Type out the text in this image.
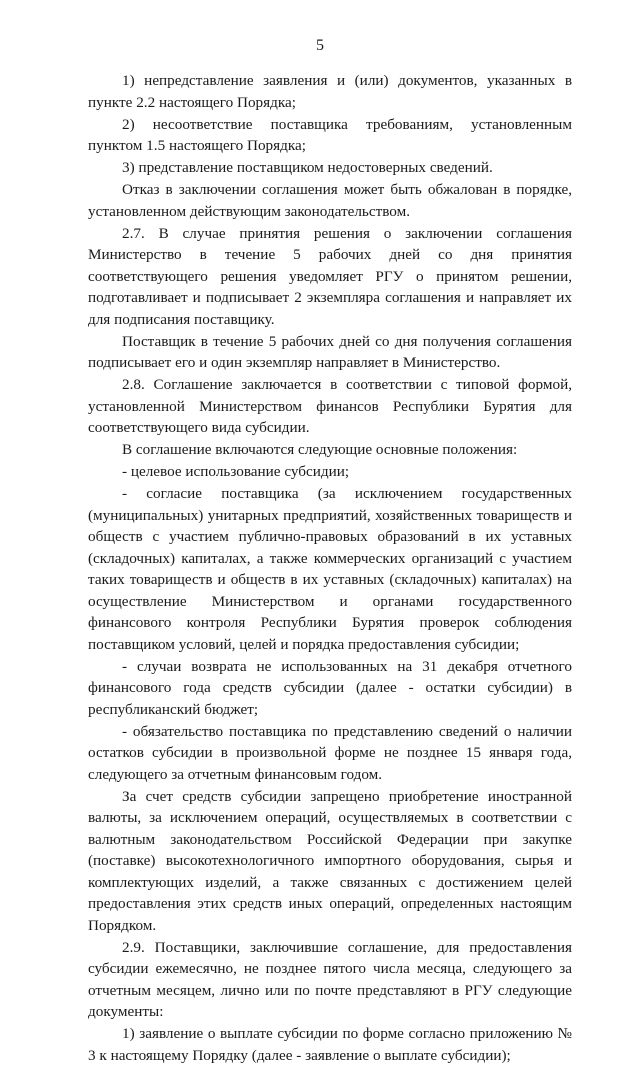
5

1) непредставление заявления и (или) документов, указанных в пункте 2.2 настоящего Порядка;

2) несоответствие поставщика требованиям, установленным пунктом 1.5 настоящего Порядка;

3) представление поставщиком недостоверных сведений.

Отказ в заключении соглашения может быть обжалован в порядке, установленном действующим законодательством.

2.7. В случае принятия решения о заключении соглашения Министерство в течение 5 рабочих дней со дня принятия соответствующего решения уведомляет РГУ о принятом решении, подготавливает и подписывает 2 экземпляра соглашения и направляет их для подписания поставщику.

Поставщик в течение 5 рабочих дней со дня получения соглашения подписывает его и один экземпляр направляет в Министерство.

2.8. Соглашение заключается в соответствии с типовой формой, установленной Министерством финансов Республики Бурятия для соответствующего вида субсидии.

В соглашение включаются следующие основные положения:

- целевое использование субсидии;

- согласие поставщика (за исключением государственных (муниципальных) унитарных предприятий, хозяйственных товариществ и обществ с участием публично-правовых образований в их уставных (складочных) капиталах, а также коммерческих организаций с участием таких товариществ и обществ в их уставных (складочных) капиталах) на осуществление Министерством и органами государственного финансового контроля Республики Бурятия проверок соблюдения поставщиком условий, целей и порядка предоставления субсидии;

- случаи возврата не использованных на 31 декабря отчетного финансового года средств субсидии (далее - остатки субсидии) в республиканский бюджет;

- обязательство поставщика по представлению сведений о наличии остатков субсидии в произвольной форме не позднее 15 января года, следующего за отчетным финансовым годом.

За счет средств субсидии запрещено приобретение иностранной валюты, за исключением операций, осуществляемых в соответствии с валютным законодательством Российской Федерации при закупке (поставке) высокотехнологичного импортного оборудования, сырья и комплектующих изделий, а также связанных с достижением целей предоставления этих средств иных операций, определенных настоящим Порядком.

2.9. Поставщики, заключившие соглашение, для предоставления субсидии ежемесячно, не позднее пятого числа месяца, следующего за отчетным месяцем, лично или по почте представляют в РГУ следующие документы:

1) заявление о выплате субсидии по форме согласно приложению № 3 к настоящему Порядку (далее - заявление о выплате субсидии);
